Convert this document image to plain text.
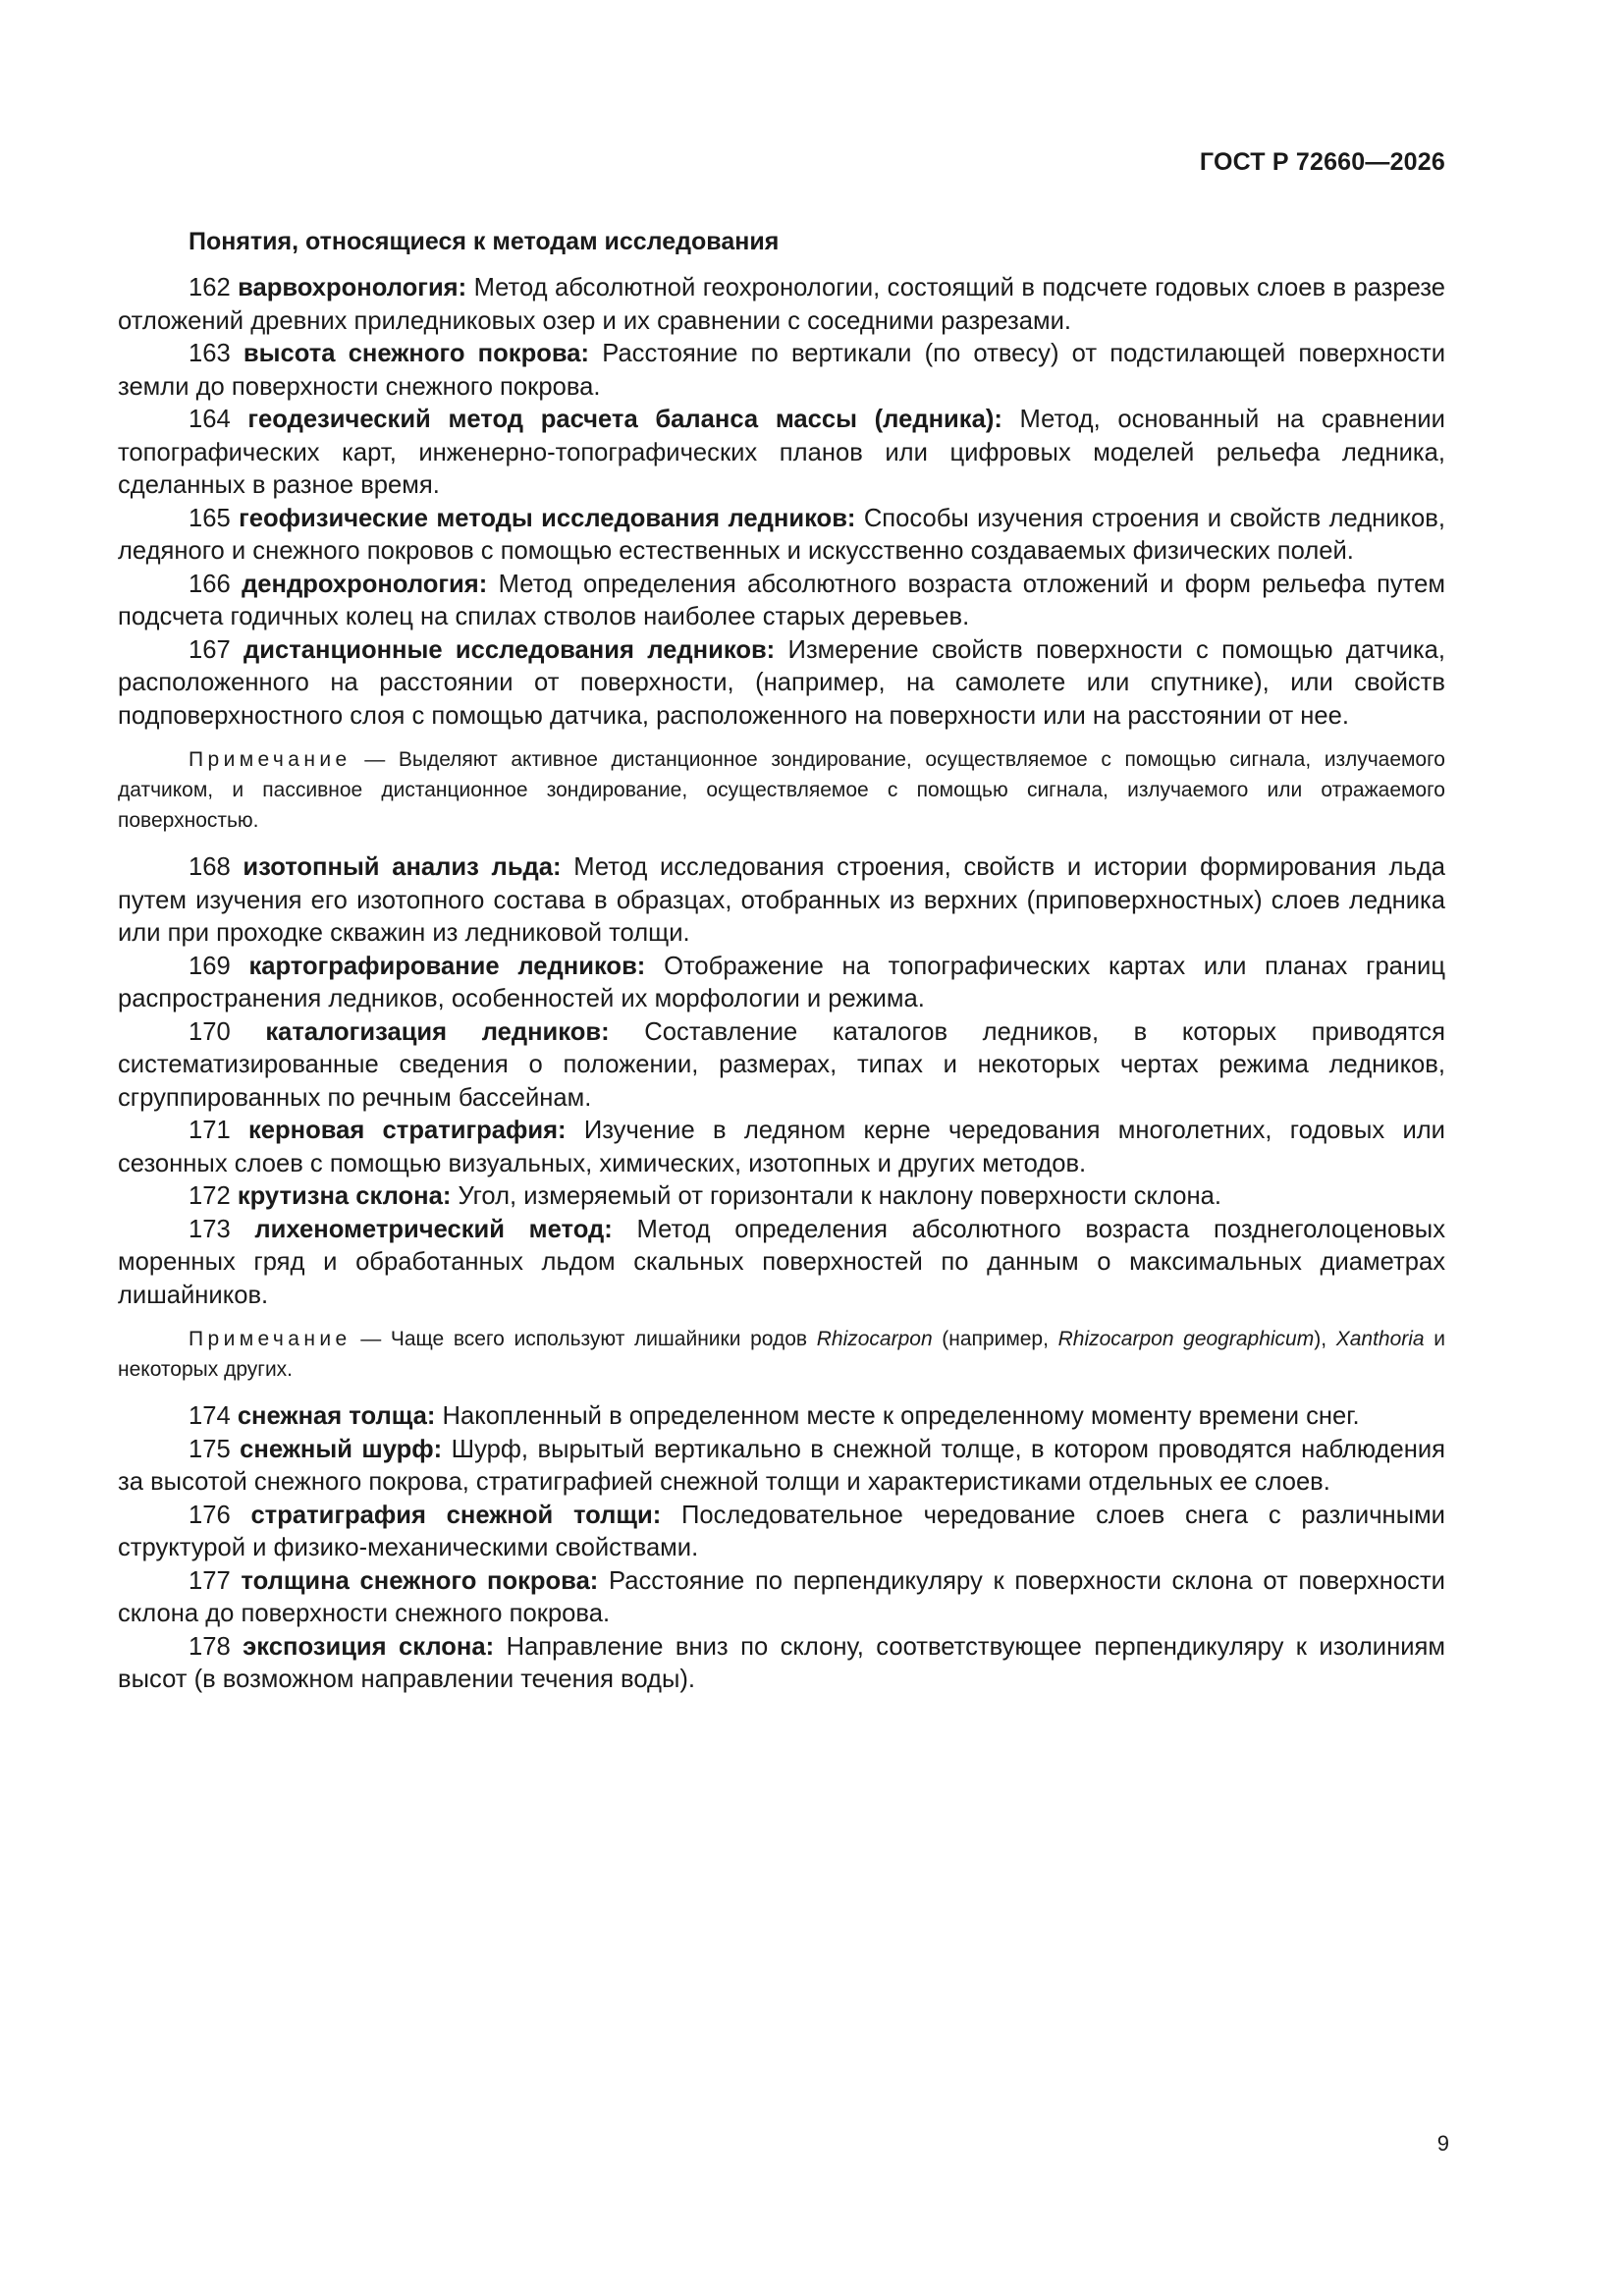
ГОСТ Р 72660—2026

Понятия, относящиеся к методам исследования

162 варвохронология: Метод абсолютной геохронологии, состоящий в подсчете годовых слоев в разрезе отложений древних приледниковых озер и их сравнении с соседними разрезами.

163 высота снежного покрова: Расстояние по вертикали (по отвесу) от подстилающей поверхности земли до поверхности снежного покрова.

164 геодезический метод расчета баланса массы (ледника): Метод, основанный на сравнении топографических карт, инженерно-топографических планов или цифровых моделей рельефа ледника, сделанных в разное время.

165 геофизические методы исследования ледников: Способы изучения строения и свойств ледников, ледяного и снежного покровов с помощью естественных и искусственно создаваемых физических полей.

166 дендрохронология: Метод определения абсолютного возраста отложений и форм рельефа путем подсчета годичных колец на спилах стволов наиболее старых деревьев.

167 дистанционные исследования ледников: Измерение свойств поверхности с помощью датчика, расположенного на расстоянии от поверхности, (например, на самолете или спутнике), или свойств подповерхностного слоя с помощью датчика, расположенного на поверхности или на расстоянии от нее.

Примечание — Выделяют активное дистанционное зондирование, осуществляемое с помощью сигнала, излучаемого датчиком, и пассивное дистанционное зондирование, осуществляемое с помощью сигнала, излучаемого или отражаемого поверхностью.

168 изотопный анализ льда: Метод исследования строения, свойств и истории формирования льда путем изучения его изотопного состава в образцах, отобранных из верхних (приповерхностных) слоев ледника или при проходке скважин из ледниковой толщи.

169 картографирование ледников: Отображение на топографических картах или планах границ распространения ледников, особенностей их морфологии и режима.

170 каталогизация ледников: Составление каталогов ледников, в которых приводятся систематизированные сведения о положении, размерах, типах и некоторых чертах режима ледников, сгруппированных по речным бассейнам.

171 керновая стратиграфия: Изучение в ледяном керне чередования многолетних, годовых или сезонных слоев с помощью визуальных, химических, изотопных и других методов.

172 крутизна склона: Угол, измеряемый от горизонтали к наклону поверхности склона.

173 лихенометрический метод: Метод определения абсолютного возраста позднеголоценовых моренных гряд и обработанных льдом скальных поверхностей по данным о максимальных диаметрах лишайников.

Примечание — Чаще всего используют лишайники родов Rhizocarpon (например, Rhizocarpon geographicum), Xanthoria и некоторых других.

174 снежная толща: Накопленный в определенном месте к определенному моменту времени снег.

175 снежный шурф: Шурф, вырытый вертикально в снежной толще, в котором проводятся наблюдения за высотой снежного покрова, стратиграфией снежной толщи и характеристиками отдельных ее слоев.

176 стратиграфия снежной толщи: Последовательное чередование слоев снега с различными структурой и физико-механическими свойствами.

177 толщина снежного покрова: Расстояние по перпендикуляру к поверхности склона от поверхности склона до поверхности снежного покрова.

178 экспозиция склона: Направление вниз по склону, соответствующее перпендикуляру к изолиниям высот (в возможном направлении течения воды).

9
